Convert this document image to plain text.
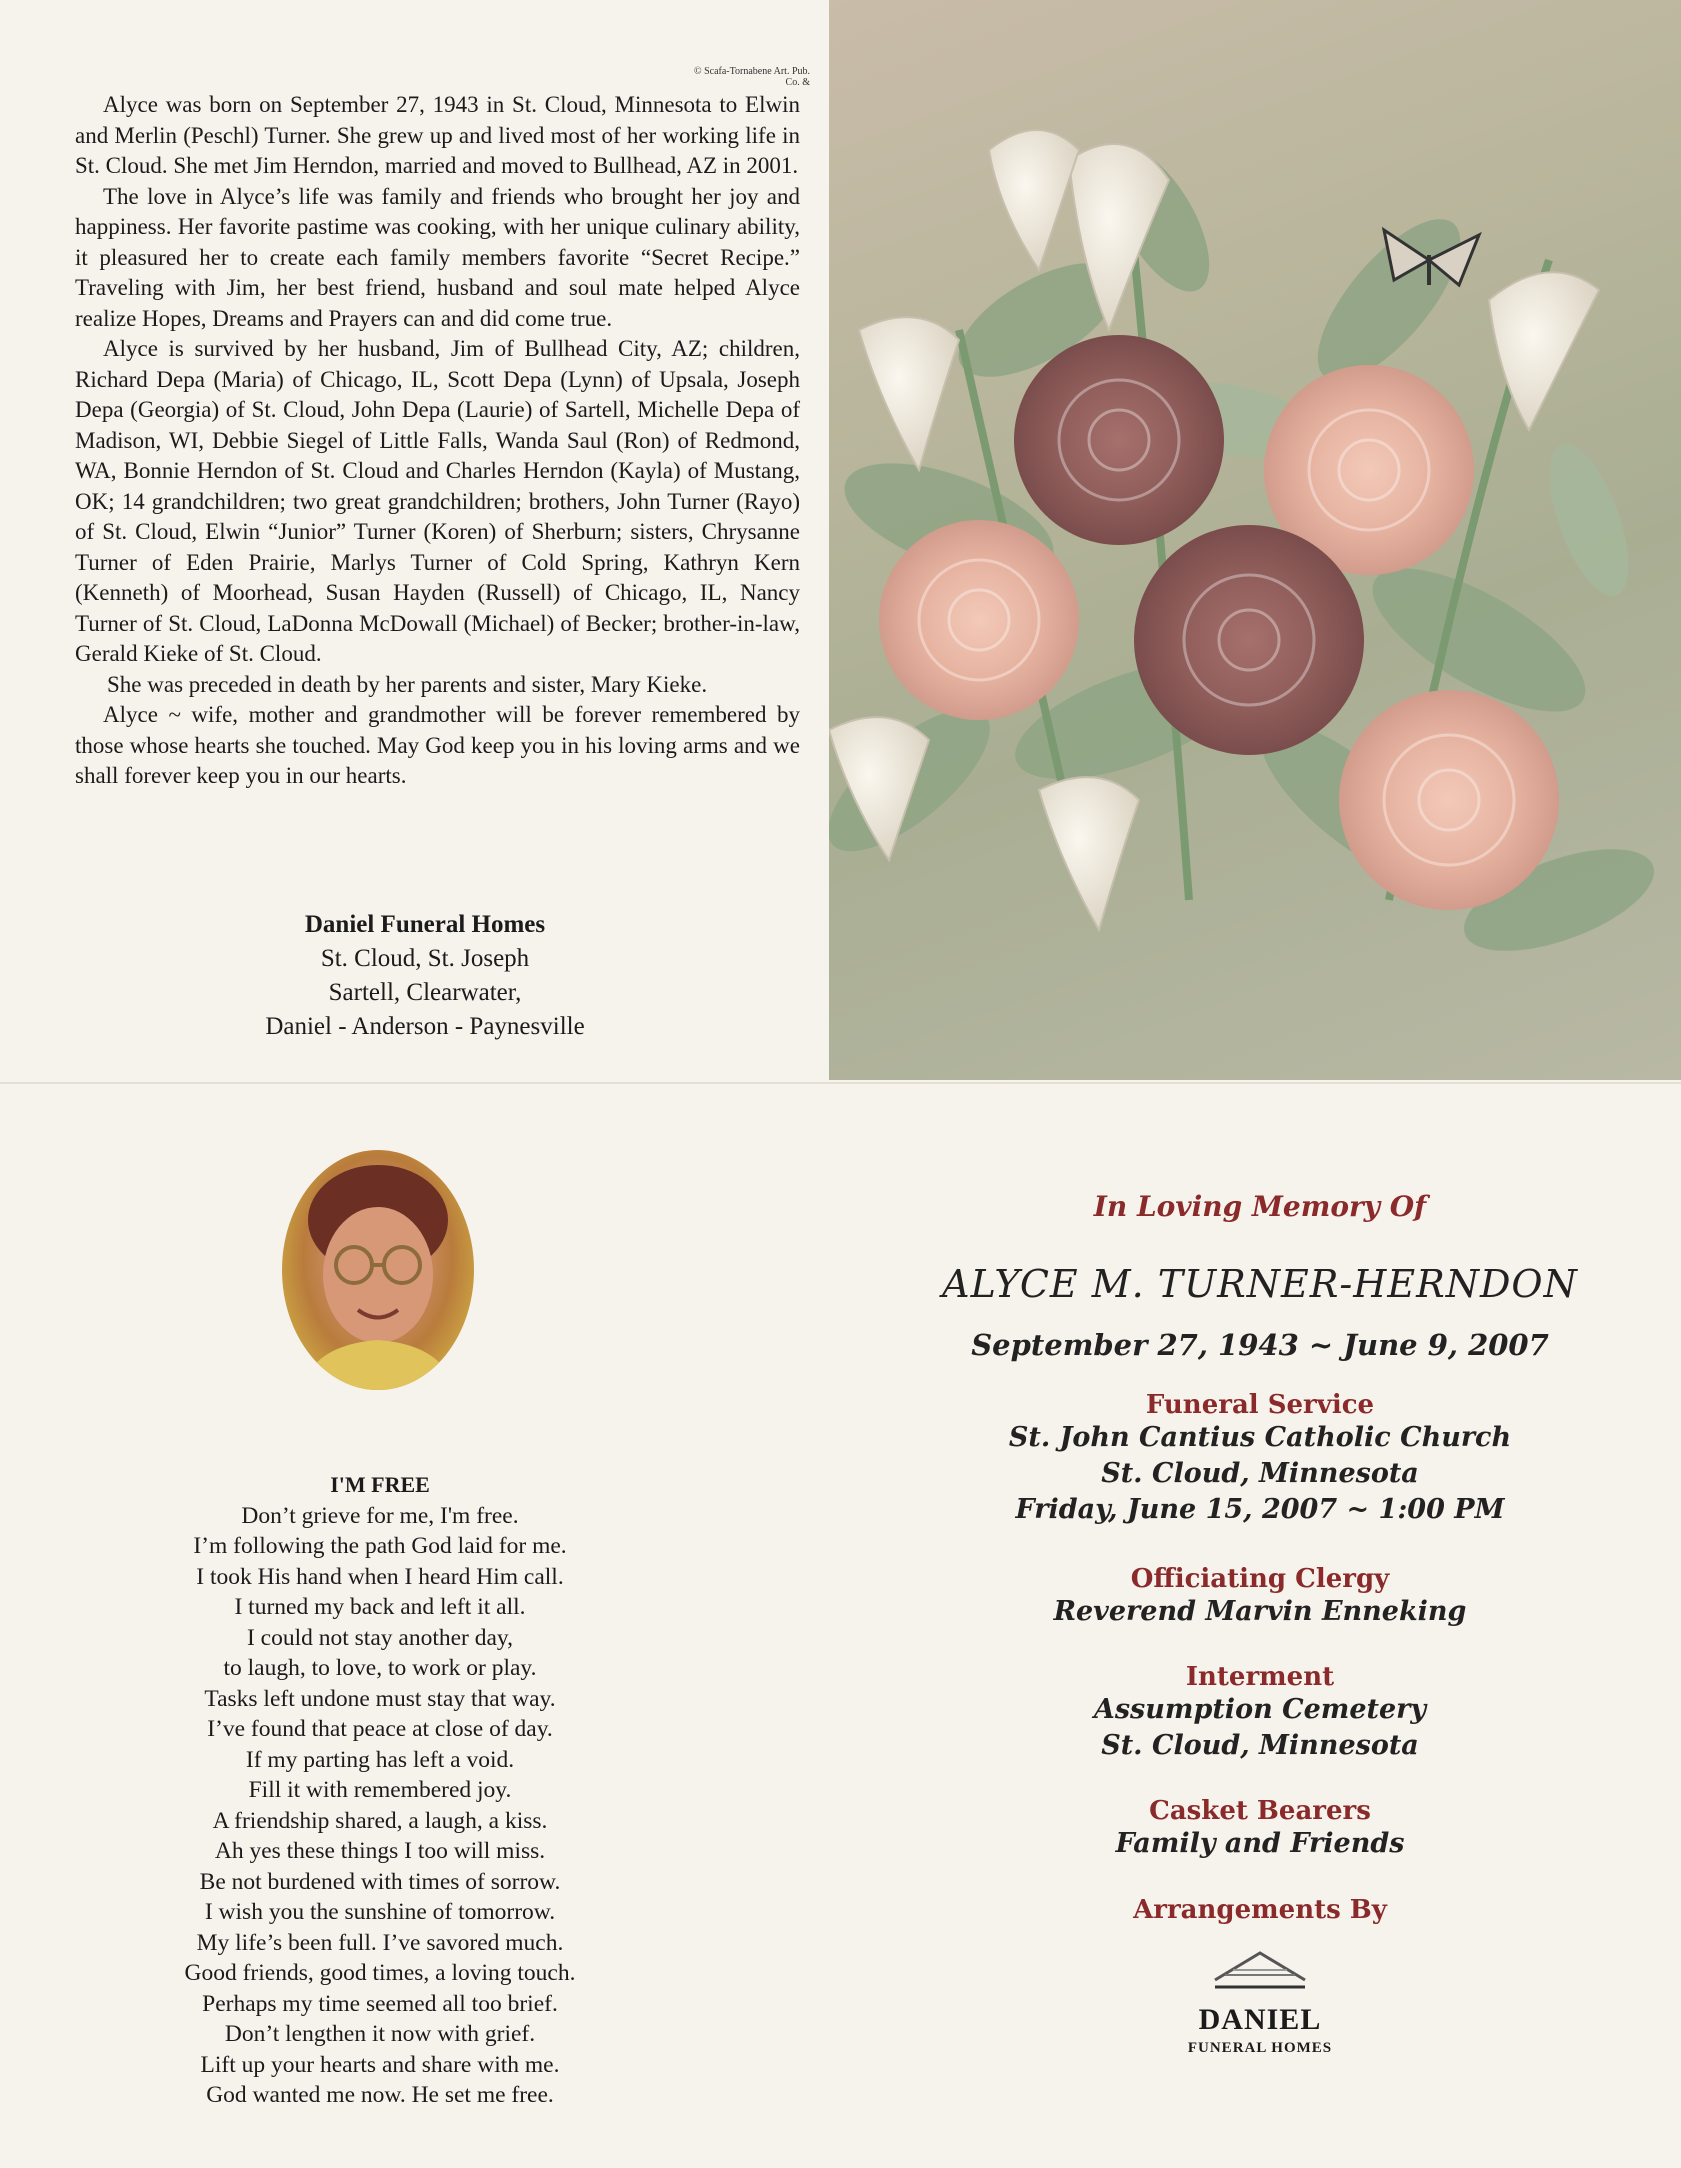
© Scafa-Tornabene Art. Pub. Co. &

Alyce was born on September 27, 1943 in St. Cloud, Minnesota to Elwin and Merlin (Peschl) Turner. She grew up and lived most of her working life in St. Cloud. She met Jim Herndon, married and moved to Bullhead, AZ in 2001.

The love in Alyce’s life was family and friends who brought her joy and happiness. Her favorite pastime was cooking, with her unique culinary ability, it pleasured her to create each family members favorite “Secret Recipe.” Traveling with Jim, her best friend, husband and soul mate helped Alyce realize Hopes, Dreams and Prayers can and did come true.

Alyce is survived by her husband, Jim of Bullhead City, AZ; children, Richard Depa (Maria) of Chicago, IL, Scott Depa (Lynn) of Upsala, Joseph Depa (Georgia) of St. Cloud, John Depa (Laurie) of Sartell, Michelle Depa of Madison, WI, Debbie Siegel of Little Falls, Wanda Saul (Ron) of Redmond, WA, Bonnie Herndon of St. Cloud and Charles Herndon (Kayla) of Mustang, OK; 14 grandchildren; two great grandchildren; brothers, John Turner (Rayo) of St. Cloud, Elwin “Junior” Turner (Koren) of Sherburn; sisters, Chrysanne Turner of Eden Prairie, Marlys Turner of Cold Spring, Kathryn Kern (Kenneth) of Moorhead, Susan Hayden (Russell) of Chicago, IL, Nancy Turner of St. Cloud, LaDonna McDowall (Michael) of Becker; brother-in-law, Gerald Kieke of St. Cloud.

She was preceded in death by her parents and sister, Mary Kieke.

Alyce ~ wife, mother and grandmother will be forever remembered by those whose hearts she touched. May God keep you in his loving arms and we shall forever keep you in our hearts.

Daniel Funeral Homes
St. Cloud, St. Joseph
Sartell, Clearwater,
Daniel - Anderson - Paynesville
I'M FREE
Don’t grieve for me, I'm free.
I’m following the path God laid for me.
I took His hand when I heard Him call.
I turned my back and left it all.
I could not stay another day,
to laugh, to love, to work or play.
Tasks left undone must stay that way.
I’ve found that peace at close of day.
If my parting has left a void.
Fill it with remembered joy.
A friendship shared, a laugh, a kiss.
Ah yes these things I too will miss.
Be not burdened with times of sorrow.
I wish you the sunshine of tomorrow.
My life’s been full. I’ve savored much.
Good friends, good times, a loving touch.
Perhaps my time seemed all too brief.
Don’t lengthen it now with grief.
Lift up your hearts and share with me.
God wanted me now. He set me free.
In Loving Memory Of
ALYCE M. TURNER-HERNDON
September 27, 1943 ~ June 9, 2007
Funeral Service
St. John Cantius Catholic Church
St. Cloud, Minnesota
Friday, June 15, 2007 ~ 1:00 PM
Officiating Clergy
Reverend Marvin Enneking
Interment
Assumption Cemetery
St. Cloud, Minnesota
Casket Bearers
Family and Friends
Arrangements By
DANIEL
FUNERAL HOMES
